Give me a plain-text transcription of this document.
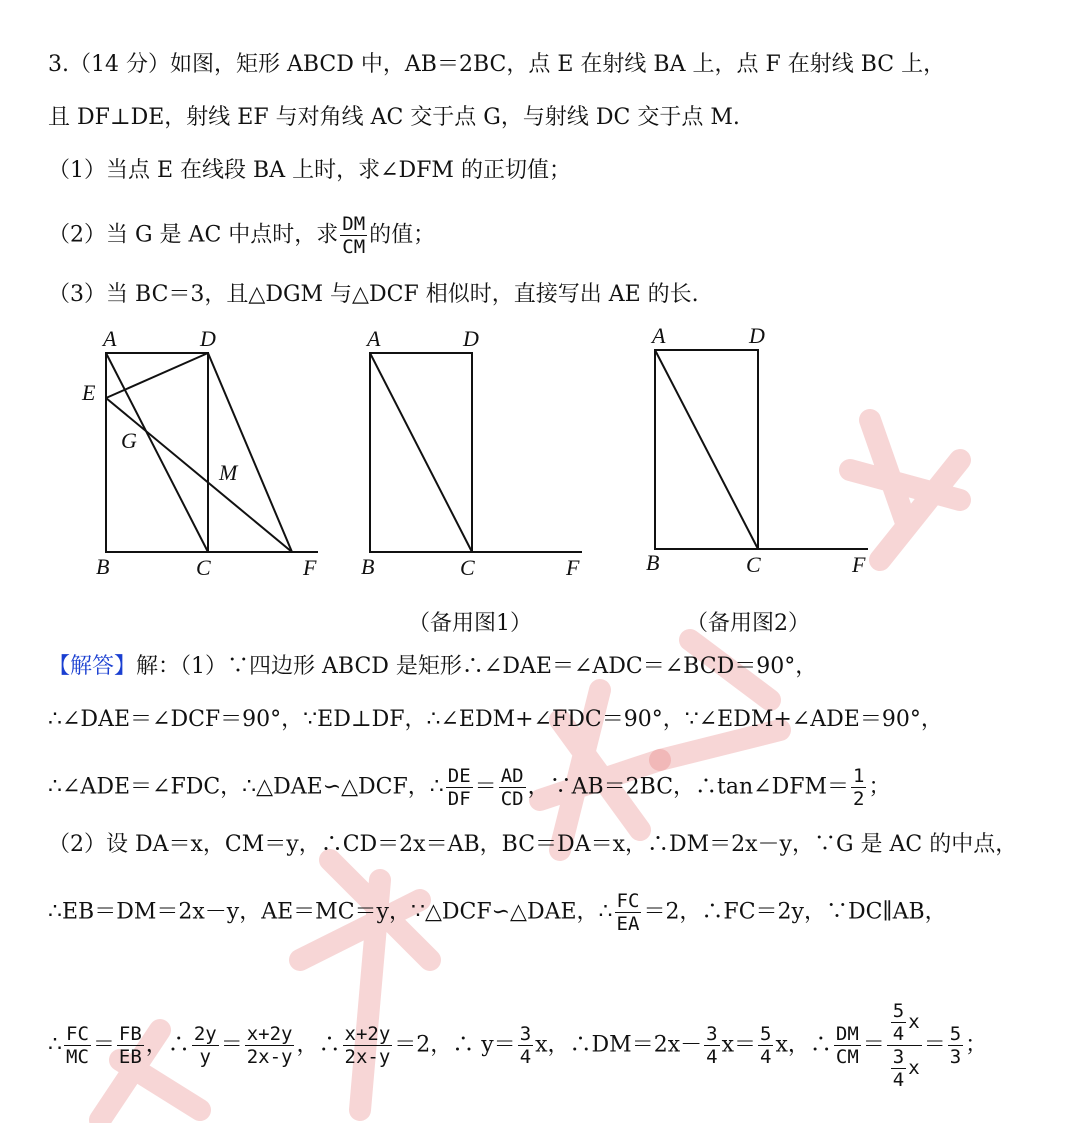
3.（14 分）如图，矩形 ABCD 中，AB＝2BC，点 E 在射线 BA 上，点 F 在射线 BC 上，
且 DF⊥DE，射线 EF 与对角线 AC 交于点 G，与射线 DC 交于点 M.
（1）当点 E 在线段 BA 上时，求∠DFM 的正切值；
（2）当 G 是 AC 中点时，求 $\frac{DM}{CM}$ 的值；
（3）当 BC＝3，且△DGM 与△DCF 相似时，直接写出 AE 的长.
A	D
E
G
M
B	C	F
A	D
B	C	F
（备用图1）
A	D
B	C	F
（备用图2）
【解答】解：（1）∵四边形 ABCD 是矩形∴∠DAE＝∠ADC＝∠BCD＝90°，
∴∠DAE＝∠DCF＝90°，∵ED⊥DF，∴∠EDM+∠FDC＝90°，∵∠EDM+∠ADE＝90°，
∴∠ADE＝∠FDC，∴△DAE∽△DCF，∴ $\frac{DE}{DF} = \frac{AD}{CD}$ ，∵AB＝2BC，∴tan∠DFM＝ $\frac{1}{2}$ ；
（2）设 DA＝x，CM＝y，∴CD＝2x＝AB，BC＝DA＝x，∴DM＝2x－y，∵G 是 AC 的中点，
∴EB＝DM＝2x－y，AE＝MC＝y，∵△DCF∽△DAE，∴ $\frac{FC}{EA} =2$，∴FC＝2y，∵DC∥AB，
∴ $\frac{FC}{MC} = \frac{FB}{EB}$ ，∴ $\frac{2y}{y} = \frac{x+2y}{2x-y}$ ，∴ $\frac{x+2y}{2x-y} =2$，∴ $y= \frac{3}{4}$ x，∴DM＝2x－ $\frac{3}{4} x= \frac{5}{4}$ x，∴ $\frac{DM}{CM} = \frac{\frac{5}{4} x}{\frac{3}{4} x} = \frac{5}{3}$ ；
